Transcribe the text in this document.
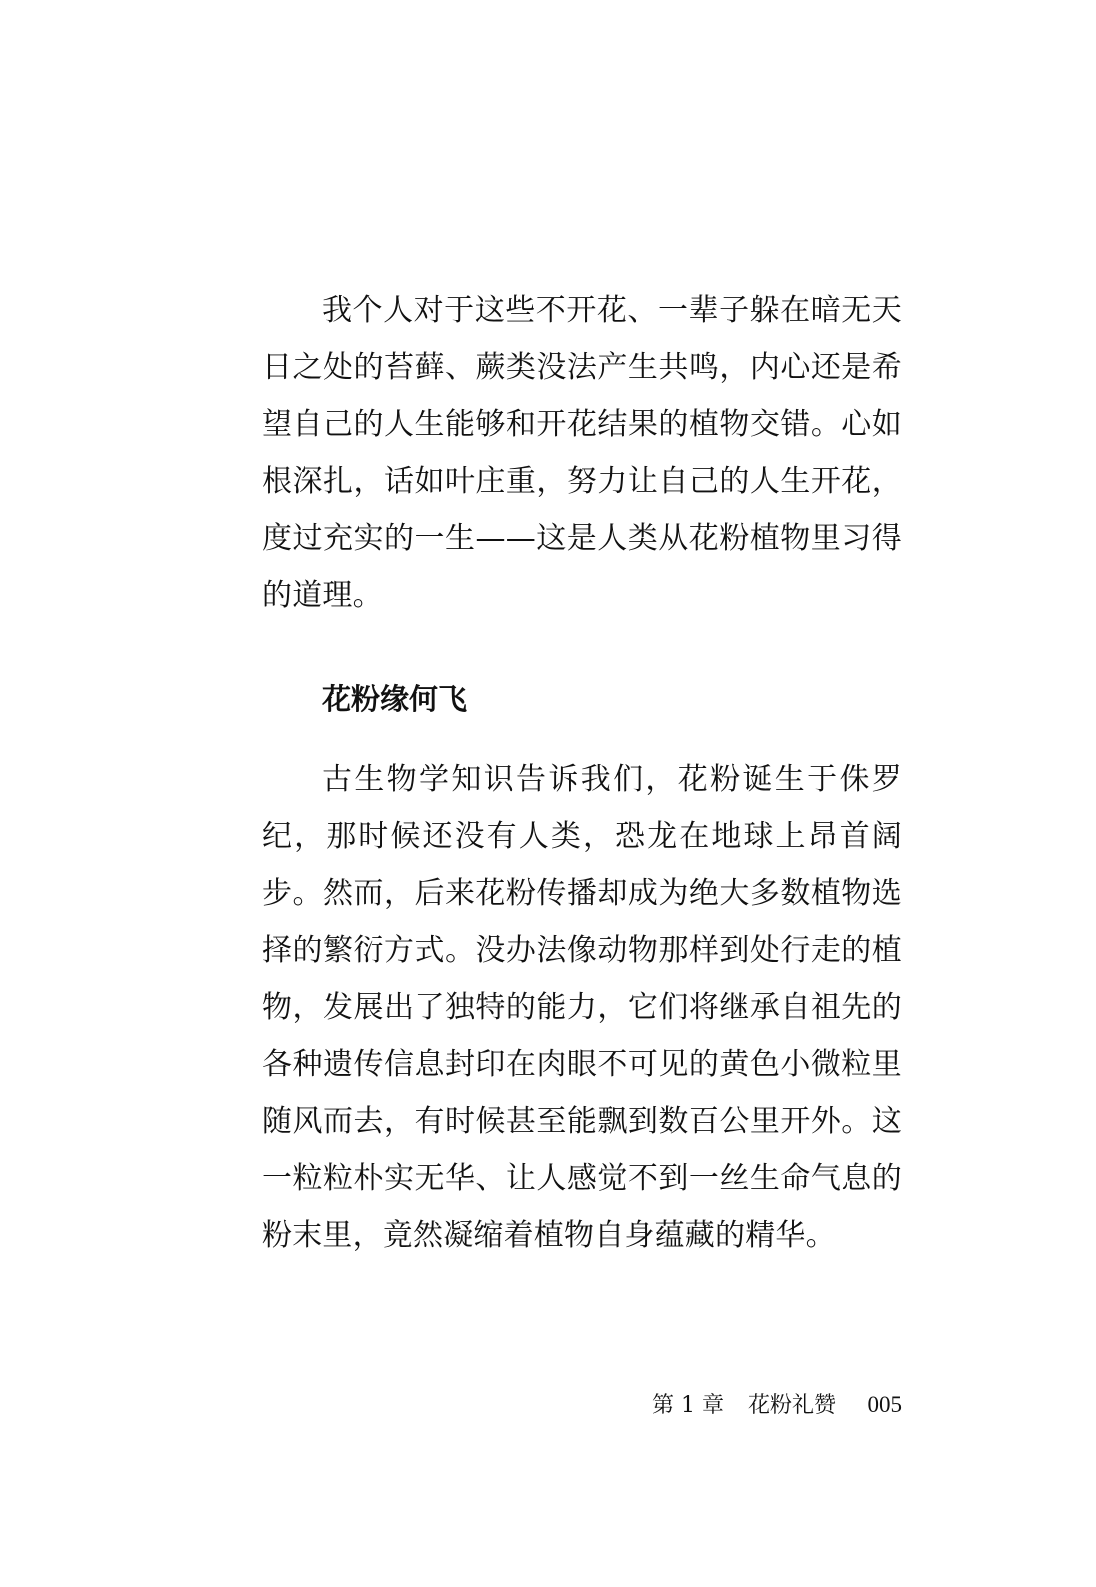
我个人对于这些不开花、一辈子躲在暗无天日之处的苔藓、蕨类没法产生共鸣，内心还是希望自己的人生能够和开花结果的植物交错。心如根深扎，话如叶庄重，努力让自己的人生开花，度过充实的一生——这是人类从花粉植物里习得的道理。

花粉缘何飞

古生物学知识告诉我们，花粉诞生于侏罗纪，那时候还没有人类，恐龙在地球上昂首阔步。然而，后来花粉传播却成为绝大多数植物选择的繁衍方式。没办法像动物那样到处行走的植物，发展出了独特的能力，它们将继承自祖先的各种遗传信息封印在肉眼不可见的黄色小微粒里随风而去，有时候甚至能飘到数百公里开外。这一粒粒朴实无华、让人感觉不到一丝生命气息的粉末里，竟然凝缩着植物自身蕴藏的精华。

第 1 章 花粉礼赞 005
